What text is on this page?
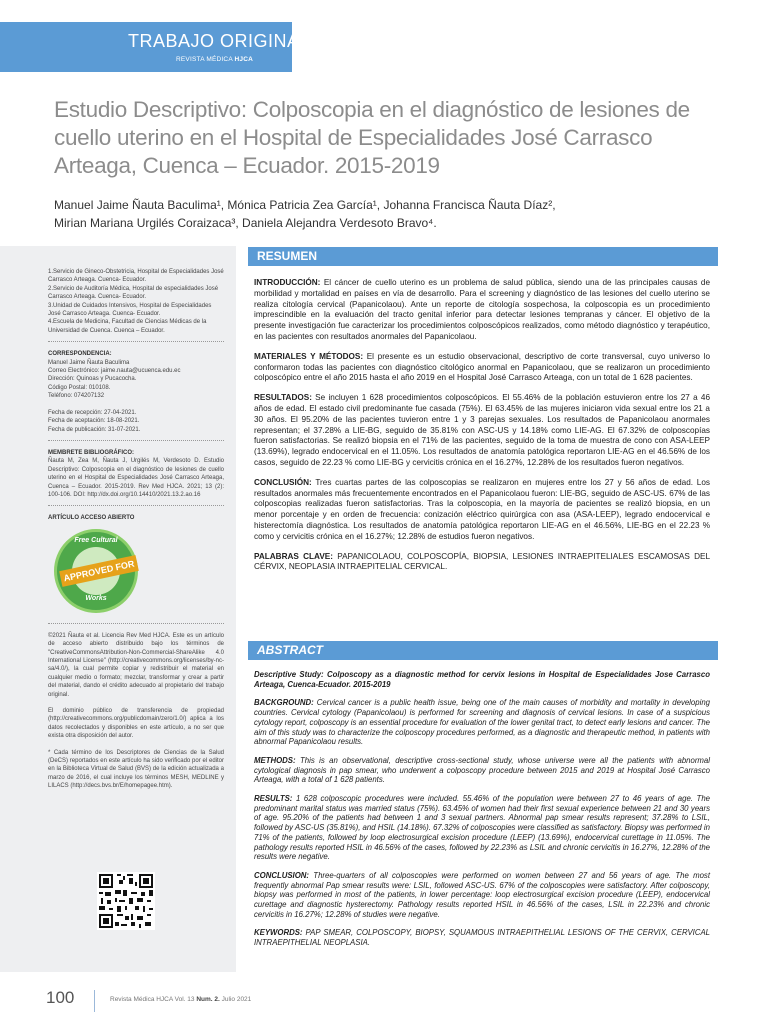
TRABAJO ORIGINAL
REVISTA MÉDICA HJCA
Estudio Descriptivo: Colposcopia en el diagnóstico de lesiones de cuello uterino en el Hospital de Especialidades José Carrasco Arteaga, Cuenca – Ecuador. 2015-2019
Manuel Jaime Ñauta Baculima¹, Mónica Patricia Zea García¹, Johanna Francisca Ñauta Díaz²,
Mirian Mariana Urgilés Coraizaca³, Daniela Alejandra Verdesoto Bravo⁴.

1.Servicio de Gineco-Obstetricia, Hospital de Especialidades José Carrasco Arteaga. Cuenca- Ecuador.

2.Servicio de Auditoría Médica, Hospital de especialidades José Carrasco Arteaga. Cuenca- Ecuador.

3.Unidad de Cuidados Intensivos, Hospital de Especialidades José Carrasco Arteaga. Cuenca- Ecuador.

4.Escuela de Medicina, Facultad de Ciencias Médicas de la Universidad de Cuenca. Cuenca – Ecuador.

CORRESPONDENCIA:

Manuel Jaime Ñauta Baculima

Correo Electrónico: jaime.nauta@ucuenca.edu.ec

Dirección: Quinoas y Pucacocha.

Código Postal: 010108.

Teléfono: 074207132

Fecha de recepción: 27-04-2021.

Fecha de aceptación: 18-08-2021.

Fecha de publicación: 31-07-2021.

MEMBRETE BIBLIOGRÁFICO:

Ñauta M, Zea M, Ñauta J, Urgilés M, Verdesoto D. Estudio Descriptivo: Colposcopia en el diagnóstico de lesiones de cuello uterino en el Hospital de Especialidades José Carrasco Arteaga, Cuenca – Ecuador. 2015-2019. Rev Med HJCA. 2021; 13 (2): 100-106. DOI: http://dx.doi.org/10.14410/2021.13.2.ao.16

ARTÍCULO ACCESO ABIERTO

Free Cultural
APPROVED FOR
Works

©2021 Ñauta et al. Licencia Rev Med HJCA. Este es un artículo de acceso abierto distribuido bajo los términos de "CreativeCommonsAttribution-Non-Commercial-ShareAlike 4.0 International License" (http://creativecommons.org/licenses/by-nc-sa/4.0/), la cual permite copiar y redistribuir el material en cualquier medio o formato; mezclar, transformar y crear a partir del material, dando el crédito adecuado al propietario del trabajo original.

El dominio público de transferencia de propiedad (http://creativecommons.org/publicdomain/zero/1.0/) aplica a los datos recolectados y disponibles en este artículo, a no ser que exista otra disposición del autor.

* Cada término de los Descriptores de Ciencias de la Salud (DeCS) reportados en este artículo ha sido verificado por el editor en la Biblioteca Virtual de Salud (BVS) de la edición actualizada a marzo de 2016, el cual incluye los términos MESH, MEDLINE y LILACS (http://decs.bvs.br/E/homepagee.htm).

RESUMEN

INTRODUCCIÓN: El cáncer de cuello uterino es un problema de salud pública, siendo una de las principales causas de morbilidad y mortalidad en países en vía de desarrollo. Para el screening y diagnóstico de las lesiones del cuello uterino se realiza citología cervical (Papanicolaou). Ante un reporte de citología sospechosa, la colposcopia es un procedimiento imprescindible en la evaluación del tracto genital inferior para detectar lesiones tempranas y cáncer. El objetivo de la presente investigación fue caracterizar los procedimientos colposcópicos realizados, como método diagnóstico y terapéutico, en las pacientes con resultados anormales del Papanicolaou.

MATERIALES Y MÉTODOS: El presente es un estudio observacional, descriptivo de corte transversal, cuyo universo lo conformaron todas las pacientes con diagnóstico citológico anormal en Papanicolaou, que se realizaron un procedimiento colposcópico entre el año 2015 hasta el año 2019 en el Hospital José Carrasco Arteaga, con un total de 1 628 pacientes.

RESULTADOS: Se incluyen 1 628 procedimientos colposcópicos. El 55.46% de la población estuvieron entre los 27 a 46 años de edad. El estado civil predominante fue casada (75%). El 63.45% de las mujeres iniciaron vida sexual entre los 21 a 30 años. El 95.20% de las pacientes tuvieron entre 1 y 3 parejas sexuales. Los resultados de Papanicolaou anormales representan; el 37.28% a LIE-BG, seguido de 35.81% con ASC-US y 14.18% como LIE-AG. El 67.32% de colposcopías fueron satisfactorias. Se realizó biopsia en el 71% de las pacientes, seguido de la toma de muestra de cono con ASA-LEEP (13.69%), legrado endocervical en el 11.05%. Los resultados de anatomía patológica reportaron LIE-AG en el 46.56% de los casos, seguido de 22.23 % como LIE-BG y cervicitis crónica en el 16.27%, 12.28% de los resultados fueron negativos.

CONCLUSIÓN: Tres cuartas partes de las colposcopias se realizaron en mujeres entre los 27 y 56 años de edad. Los resultados anormales más frecuentemente encontrados en el Papanicolaou fueron: LIE-BG, seguido de ASC-US. 67% de las colposcopias realizadas fueron satisfactorias. Tras la colposcopia, en la mayoría de pacientes se realizó biopsia, en un menor porcentaje y en orden de frecuencia: conización eléctrico quirúrgica con asa (ASA-LEEP), legrado endocervical e histerectomía diagnóstica. Los resultados de anatomía patológica reportaron LIE-AG en el 46.56%, LIE-BG en el 22.23 % como y cervicitis crónica en el 16.27%; 12.28% de estudios fueron negativos.

PALABRAS CLAVE: PAPANICOLAOU, COLPOSCOPÍA, BIOPSIA, LESIONES INTRAEPITELIALES ESCAMOSAS DEL CÉRVIX, NEOPLASIA INTRAEPITELIAL CERVICAL.

ABSTRACT

Descriptive Study: Colposcopy as a diagnostic method for cervix lesions in Hospital de Especialidades Jose Carrasco Arteaga, Cuenca-Ecuador. 2015-2019

BACKGROUND: Cervical cancer is a public health issue, being one of the main causes of morbidity and mortality in developing countries. Cervical cytology (Papanicolaou) is performed for screening and diagnosis of cervical lesions. In case of a suspicious cytology report, colposcopy is an essential procedure for evaluation of the lower genital tract, to detect early lesions and cancer. The aim of this study was to characterize the colposcopy procedures performed, as a diagnostic and therapeutic method, in patients with abnormal Papanicolaou results.

METHODS: This is an observational, descriptive cross-sectional study, whose universe were all the patients with abnormal cytological diagnosis in pap smear, who underwent a colposcopy procedure between 2015 and 2019 at Hospital José Carrasco Arteaga, with a total of 1 628 patients.

RESULTS: 1 628 colposcopic procedures were included. 55.46% of the population were between 27 to 46 years of age. The predominant marital status was married status (75%). 63.45% of women had their first sexual experience between 21 and 30 years of age. 95.20% of the patients had between 1 and 3 sexual partners. Abnormal pap smear results represent; 37.28% to LSIL, followed by ASC-US (35.81%), and HSIL (14.18%). 67.32% of colposcopies were classified as satisfactory. Biopsy was performed in 71% of the patients, followed by loop electrosurgical excision procedure (LEEP) (13.69%), endocervical curettage in 11.05%. The pathology results reported HSIL in 46.56% of the cases, followed by 22.23% as LSIL and chronic cervicitis in 16.27%, 12.28% of the results were negative.

CONCLUSION: Three-quarters of all colposcopies were performed on women between 27 and 56 years of age. The most frequently abnormal Pap smear results were: LSIL, followed ASC-US. 67% of the colposcopies were satisfactory. After colposcopy, biopsy was performed in most of the patients, in lower percentage: loop electrosurgical excision procedure (LEEP), endocervical curettage and diagnostic hysterectomy. Pathology results reported HSIL in 46.56% of the cases, LSIL in 22.23% and chronic cervicitis in 16.27%; 12.28% of studies were negative.

KEYWORDS: PAP SMEAR, COLPOSCOPY, BIOPSY, SQUAMOUS INTRAEPITHELIAL LESIONS OF THE CERVIX, CERVICAL INTRAEPITHELIAL NEOPLASIA.

100	Revista Médica HJCA Vol. 13 Num. 2. Julio 2021
